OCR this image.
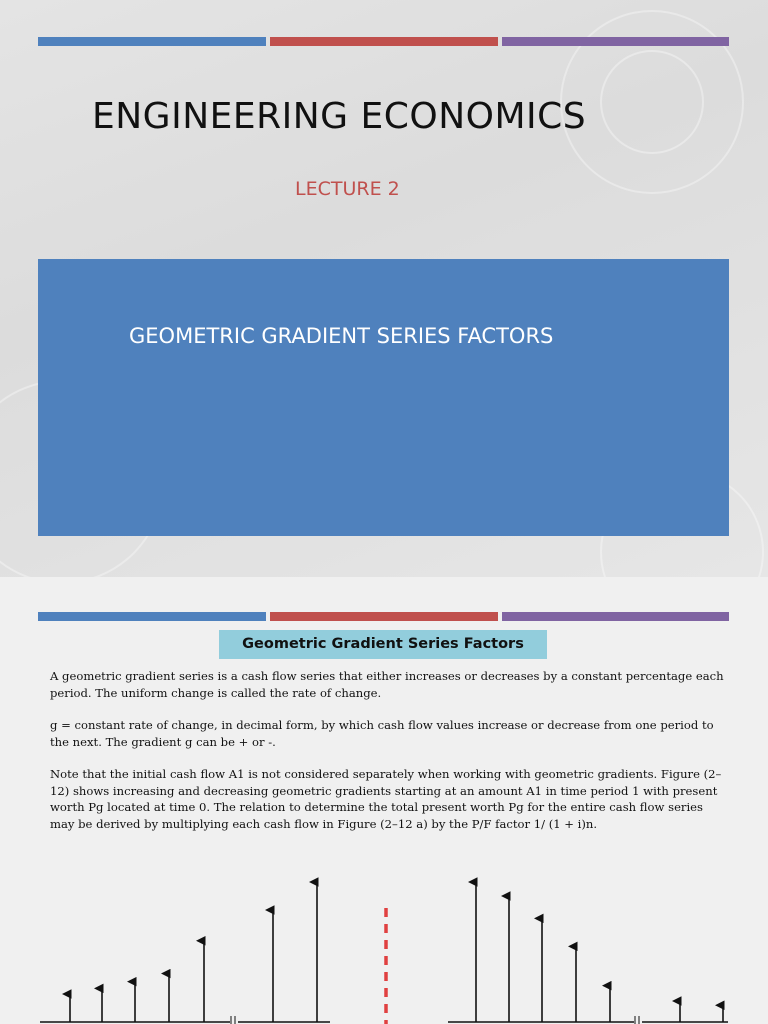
ENGINEERING ECONOMICS
LECTURE 2
GEOMETRIC GRADIENT SERIES FACTORS
Geometric Gradient Series Factors

A geometric gradient series is a cash flow series that either increases or decreases by a constant percentage each period. The uniform change is called the rate of change.

g = constant rate of change, in decimal form, by which cash flow values increase or decrease from one period to the next. The gradient g can be + or -.

Note that the initial cash flow A1 is not considered separately when working with geometric gradients. Figure (2–12) shows increasing and decreasing geometric gradients starting at an amount A1 in time period 1 with present worth Pg located at time 0. The relation to determine the total present worth Pg for the entire cash flow series may be derived by multiplying each cash flow in Figure (2–12 a) by the P/F factor 1/ (1 + i)n.
